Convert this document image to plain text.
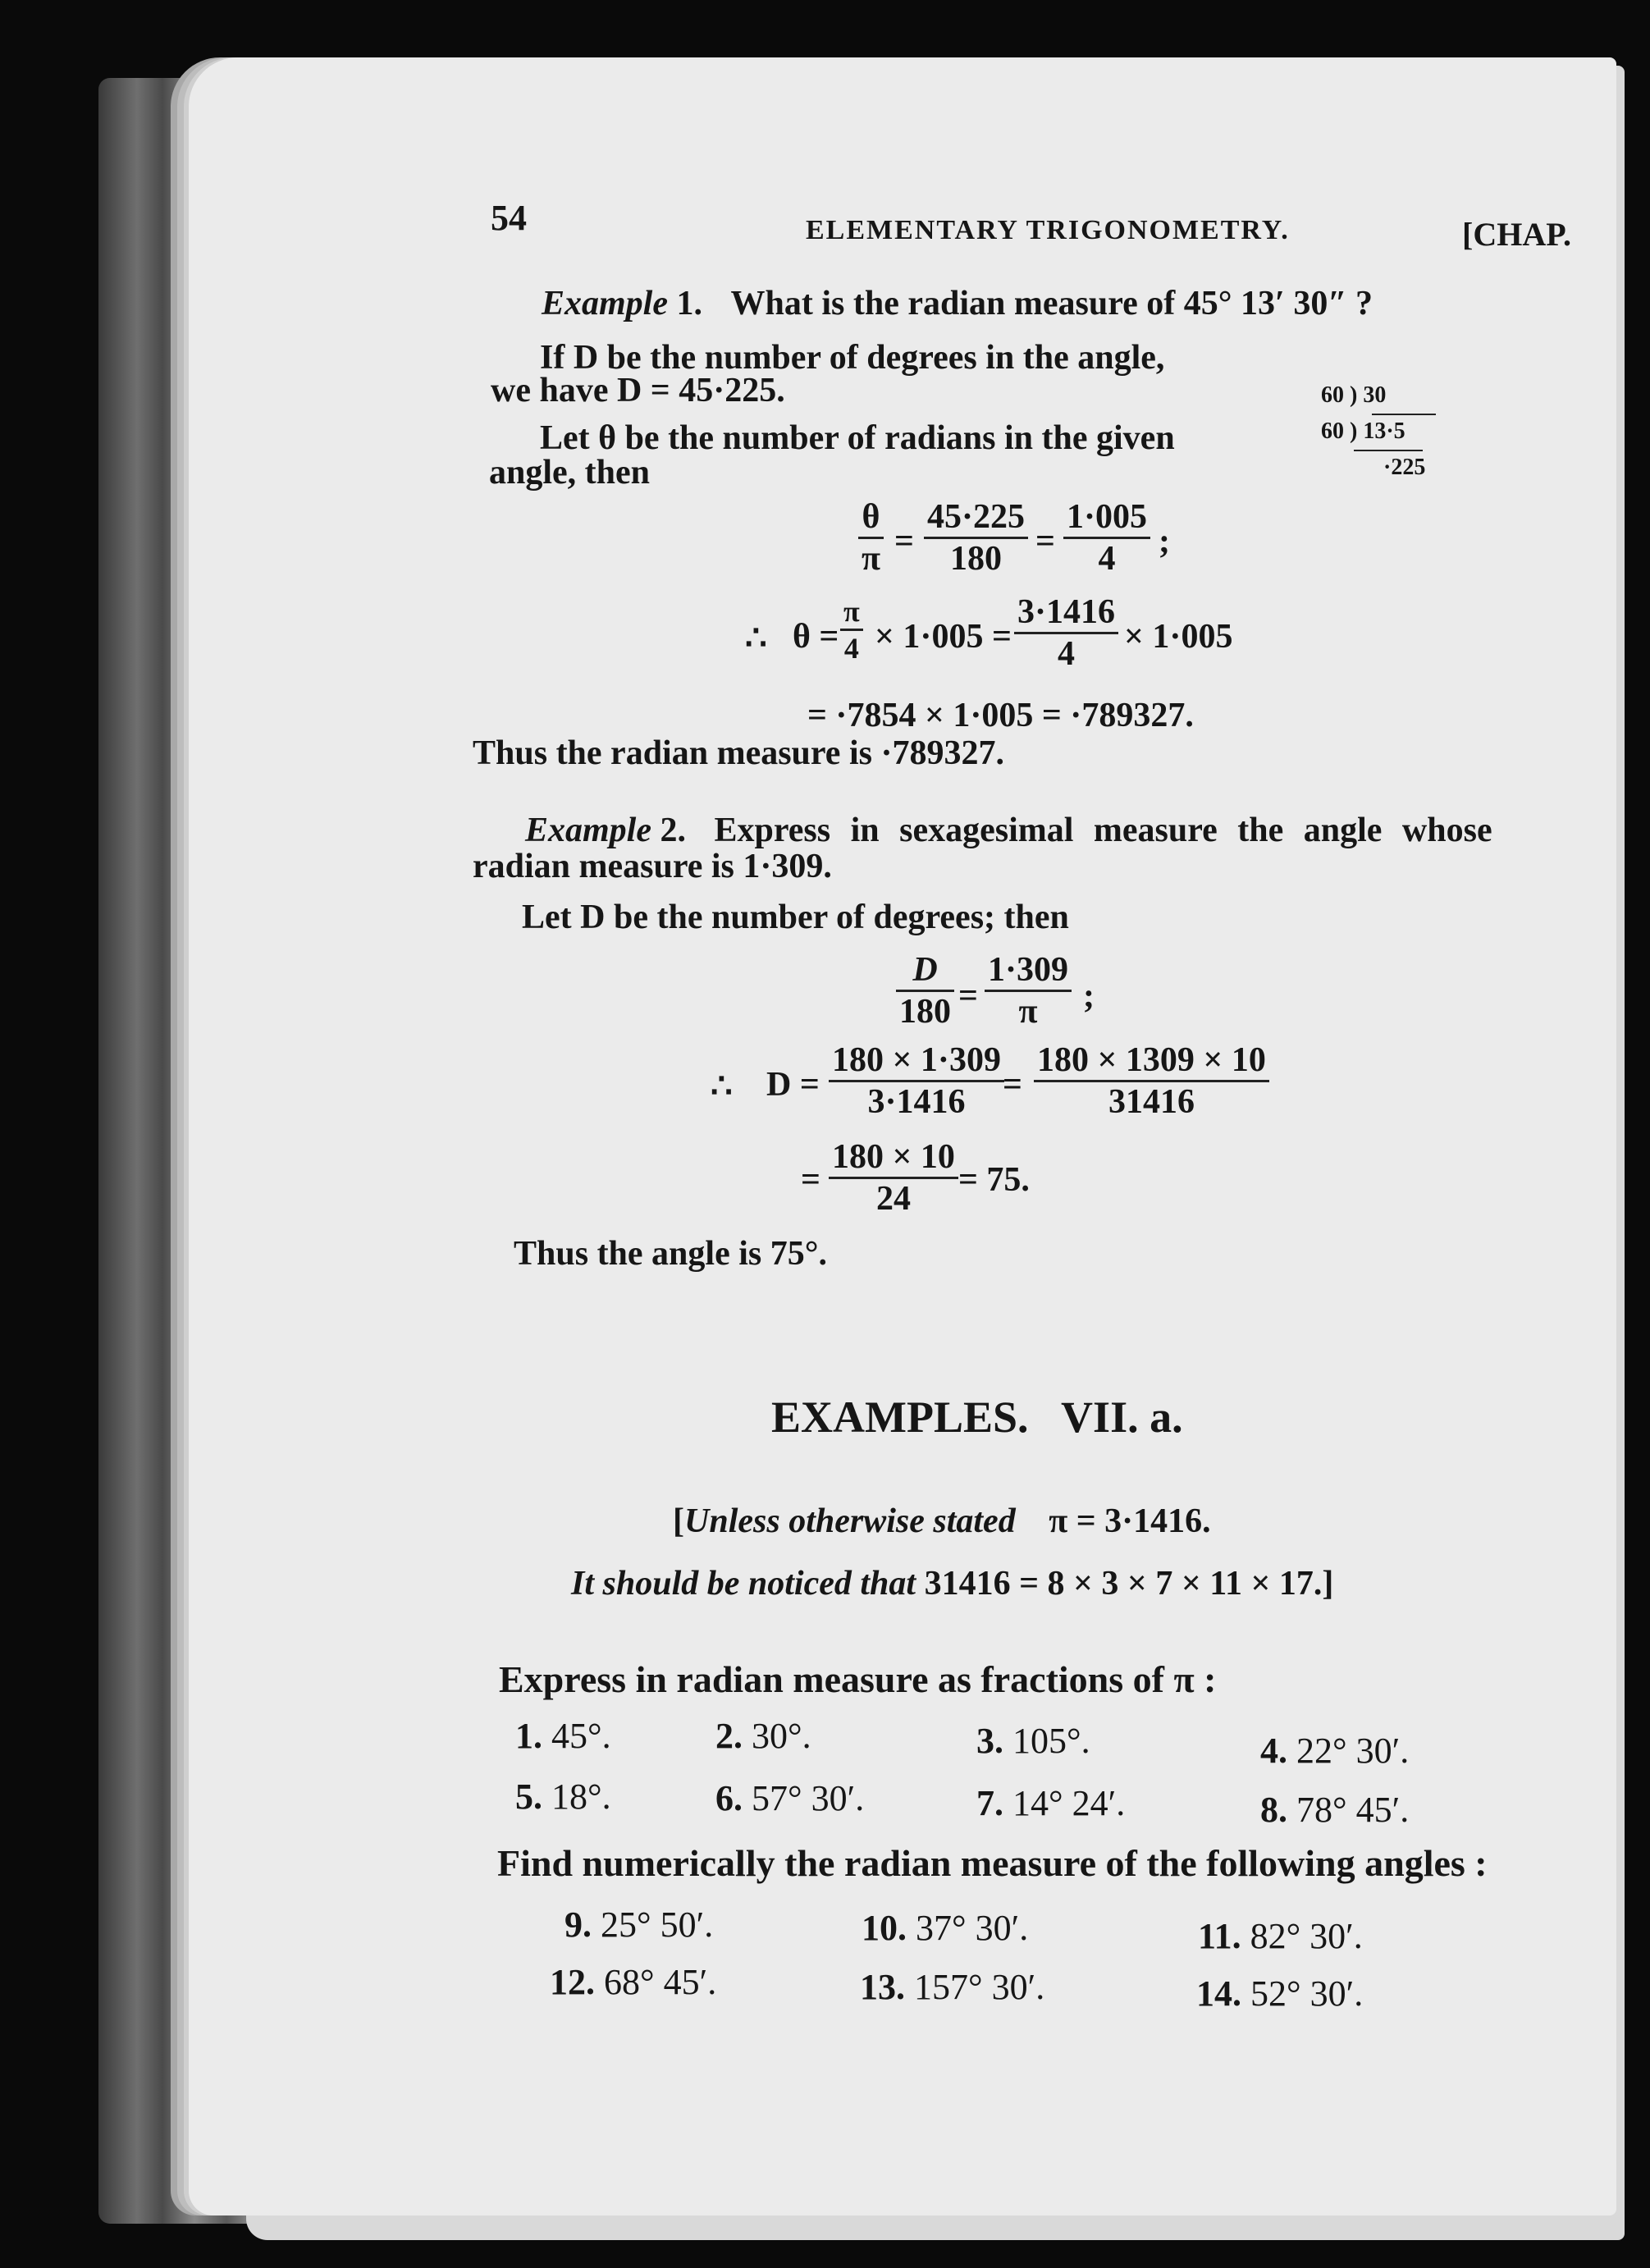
54	ELEMENTARY TRIGONOMETRY.	[CHAP.
Example 1. What is the radian measure of 45° 13′ 30″ ?
If D be the number of degrees in the angle,
we have D = 45·225.
Let θ be the number of radians in the given
angle, then
60 ) 30
60 ) 13·5
·225
$\frac{\theta}{\pi} = \frac{45\cdot 225}{180} = \frac{1\cdot 005}{4}$ ;
∴ $\theta = \frac{\pi}{4} \times 1\cdot 005 = \frac{3\cdot 1416}{4} \times 1\cdot 005$
= ·7854 × 1·005 = ·789327.
Thus the radian measure is ·789327.
Example 2. Express in sexagesimal measure the angle whose
radian measure is 1·309.
Let D be the number of degrees; then
$\frac{D}{180} = \frac{1\cdot 309}{\pi}$ ;
∴ $D = \frac{180 \times 1\cdot 309}{3\cdot 1416}$
= $\frac{180 \times 1309 \times 10}{31416}$
= $\frac{180 \times 10}{24} = 75$.
Thus the angle is 75°.
EXAMPLES.   VII. a.
[Unless otherwise stated π = 3·1416.
It should be noticed that 31416 = 8 × 3 × 7 × 11 × 17.]
Express in radian measure as fractions of π :
1. 45°.	2. 30°.	3. 105°.	4. 22° 30′.
5. 18°.	6. 57° 30′.	7. 14° 24′.	8. 78° 45′.
Find numerically the radian measure of the following angles :
9. 25° 50′.	10. 37° 30′.	11. 82° 30′.
12. 68° 45′.	13. 157° 30′.	14. 52° 30′.
